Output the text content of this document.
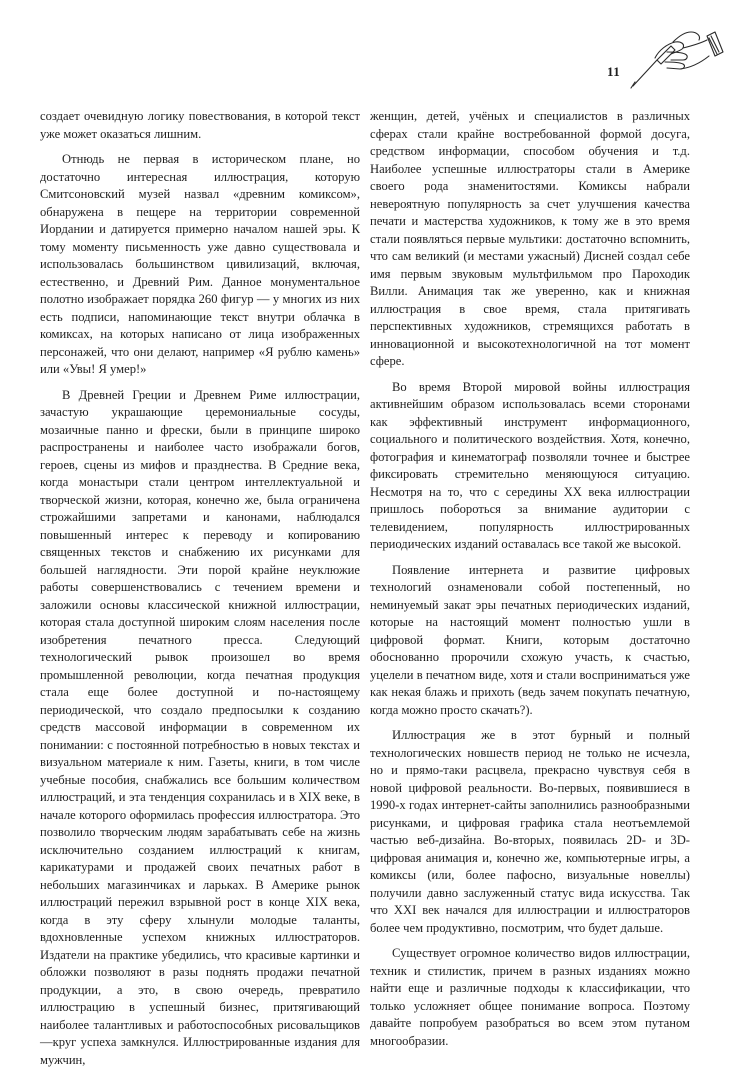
11

создает очевидную логику повествования, в которой текст уже может оказаться лишним.

Отнюдь не первая в историческом плане, но достаточно интересная иллюстрация, которую Смитсоновский музей назвал «древним комиксом», обнаружена в пещере на территории современной Иордании и датируется примерно началом нашей эры. К тому моменту письменность уже давно существовала и использовалась большинством цивилизаций, включая, естественно, и Древний Рим. Данное монументальное полотно изображает порядка 260 фигур — у многих из них есть подписи, напоминающие текст внутри облачка в комиксах, на которых написано от лица изображенных персонажей, что они делают, например «Я рублю камень» или «Увы! Я умер!»

В Древней Греции и Древнем Риме иллюстрации, зачастую украшающие церемониальные сосуды, мозаичные панно и фрески, были в принципе широко распространены и наиболее часто изображали богов, героев, сцены из мифов и празднества. В Средние века, когда монастыри стали центром интеллектуальной и творческой жизни, которая, конечно же, была ограничена строжайшими запретами и канонами, наблюдался повышенный интерес к переводу и копированию священных текстов и снабжению их рисунками для большей наглядности. Эти порой крайне неуклюжие работы совершенствовались с течением времени и заложили основы классической книжной иллюстрации, которая стала доступной широким слоям населения после изобретения печатного пресса. Следующий технологический рывок произошел во время промышленной революции, когда печатная продукция стала еще более доступной и по-настоящему периодической, что создало предпосылки к созданию средств массовой информации в современном их понимании: с постоянной потребностью в новых текстах и визуальном материале к ним. Газеты, книги, в том числе учебные пособия, снабжались все большим количеством иллюстраций, и эта тенденция сохранилась и в XIX веке, в начале которого оформилась профессия иллюстратора. Это позволило творческим людям зарабатывать себе на жизнь исключительно созданием иллюстраций к книгам, карикатурами и продажей своих печатных работ в небольших магазинчиках и ларьках. В Америке рынок иллюстраций пережил взрывной рост в конце XIX века, когда в эту сферу хлынули молодые таланты, вдохновленные успехом книжных иллюстраторов. Издатели на практике убедились, что красивые картинки и обложки позволяют в разы поднять продажи печатной продукции, а это, в свою очередь, превратило иллюстрацию в успешный бизнес, притягивающий наиболее талантливых и работоспособных рисовальщиков —круг успеха замкнулся. Иллюстрированные издания для мужчин,

женщин, детей, учёных и специалистов в различных сферах стали крайне востребованной формой досуга, средством информации, способом обучения и т.д. Наиболее успешные иллюстраторы стали в Америке своего рода знаменитостями. Комиксы набрали невероятную популярность за счет улучшения качества печати и мастерства художников, к тому же в это время стали появляться первые мультики: достаточно вспомнить, что сам великий (и местами ужасный) Дисней создал себе имя первым звуковым мультфильмом про Пароходик Вилли. Анимация так же уверенно, как и книжная иллюстрация в свое время, стала притягивать перспективных художников, стремящихся работать в инновационной и высокотехнологичной на тот момент сфере.

Во время Второй мировой войны иллюстрация активнейшим образом использовалась всеми сторонами как эффективный инструмент информационного, социального и политического воздействия. Хотя, конечно, фотография и кинематограф позволяли точнее и быстрее фиксировать стремительно меняющуюся ситуацию. Несмотря на то, что с середины XX века иллюстрации пришлось побороться за внимание аудитории с телевидением, популярность иллюстрированных периодических изданий оставалась все такой же высокой.

Появление интернета и развитие цифровых технологий ознаменовали собой постепенный, но неминуемый закат эры печатных периодических изданий, которые на настоящий момент полностью ушли в цифровой формат. Книги, которым достаточно обоснованно пророчили схожую участь, к счастью, уцелели в печатном виде, хотя и стали восприниматься уже как некая блажь и прихоть (ведь зачем покупать печатную, когда можно просто скачать?).

Иллюстрация же в этот бурный и полный технологических новшеств период не только не исчезла, но и прямо-таки расцвела, прекрасно чувствуя себя в новой цифровой реальности. Во-первых, появившиеся в 1990-х годах интернет-сайты заполнились разнообразными рисунками, и цифровая графика стала неотъемлемой частью веб-дизайна. Во-вторых, появилась 2D- и 3D-цифровая анимация и, конечно же, компьютерные игры, а комиксы (или, более пафосно, визуальные новеллы) получили давно заслуженный статус вида искусства. Так что XXI век начался для иллюстрации и иллюстраторов более чем продуктивно, посмотрим, что будет дальше.

Существует огромное количество видов иллюстрации, техник и стилистик, причем в разных изданиях можно найти еще и различные подходы к классификации, что только усложняет общее понимание вопроса. Поэтому давайте попробуем разобраться во всем этом путаном многообразии.
